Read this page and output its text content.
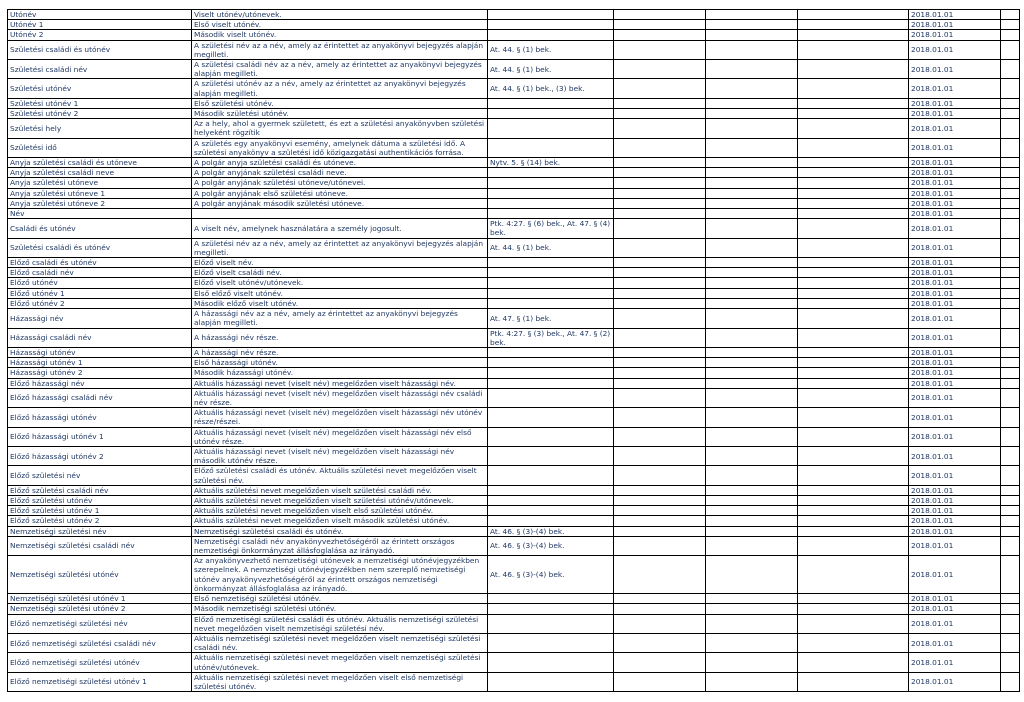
Utónév	Viselt utónév/utónevek.					2018.01.01	
Utónév 1	Első viselt utónév.					2018.01.01	
Utónév 2	Második viselt utónév.					2018.01.01	
Születési családi és utónév	A születési név az a név, amely az érintettet az anyakönyvi bejegyzés alapján megilleti.	At. 44. § (1) bek.				2018.01.01	
Születési családi név	A születési családi név az a név, amely az érintettet az anyakönyvi bejegyzés alapján megilleti.	At. 44. § (1) bek.				2018.01.01	
Születési utónév	A születési utónév az a név, amely az érintettet az anyakönyvi bejegyzés alapján megilleti.	At. 44. § (1) bek., (3) bek.				2018.01.01	
Születési utónév 1	Első születési utónév.					2018.01.01	
Születési utónév 2	Második születési utónév.					2018.01.01	
Születési hely	Az a hely, ahol a gyermek született, és ezt a születési anyakönyvben születési helyeként rögzítik					2018.01.01	
Születési idő	A születés egy anyakönyvi esemény, amelynek dátuma a születési idő. A születési anyakönyv a születési idő közigazgatási authentikációs forrása.					2018.01.01	
Anyja születési családi és utóneve	A polgár anyja születési családi és utóneve.	Nytv. 5. § (14) bek.				2018.01.01	
Anyja születési családi neve	A polgár anyjának születési családi neve.					2018.01.01	
Anyja születési utóneve	A polgár anyjának születési utóneve/utónevei.					2018.01.01	
Anyja születési utóneve 1	A polgár anyjának első születési utóneve.					2018.01.01	
Anyja születési utóneve 2	A polgár anyjának második születési utóneve.					2018.01.01	
Név						2018.01.01	
Családi és utónév	A viselt név, amelynek használatára a személy jogosult.	Ptk. 4:27. § (6) bek., At. 47. § (4) bek.				2018.01.01	
Születési családi és utónév	A születési név az a név, amely az érintettet az anyakönyvi bejegyzés alapján megilleti.	At. 44. § (1) bek.				2018.01.01	
Előző családi és utónév	Előző viselt név.					2018.01.01	
Előző családi név	Előző viselt családi név.					2018.01.01	
Előző utónév	Előző viselt utónév/utónevek.					2018.01.01	
Előző utónév 1	Első előző viselt utónév.					2018.01.01	
Előző utónév 2	Második előző viselt utónév.					2018.01.01	
Házassági név	A házassági név az a név, amely az érintettet az anyakönyvi bejegyzés alapján megilleti.	At. 47. § (1) bek.				2018.01.01	
Házassági családi név	A házassági név része.	Ptk. 4:27. § (3) bek., At. 47. § (2) bek.				2018.01.01	
Házassági utónév	A házassági név része.					2018.01.01	
Házassági utónév 1	Első házassági utónév.					2018.01.01	
Házassági utónév 2	Második házassági utónév.					2018.01.01	
Előző házassági név	Aktuális házassági nevet (viselt név) megelőzően viselt házassági név.					2018.01.01	
Előző házassági családi név	Aktuális házassági nevet (viselt név) megelőzően viselt házassági név családi név része.					2018.01.01	
Előző házassági utónév	Aktuális házassági nevet (viselt név) megelőzően viselt házassági név utónév része/részei.					2018.01.01	
Előző házassági utónév 1	Aktuális házassági nevet (viselt név) megelőzően viselt házassági név első utónév része.					2018.01.01	
Előző házassági utónév 2	Aktuális házassági nevet (viselt név) megelőzően viselt házassági név második utónév része.					2018.01.01	
Előző születési név	Előző születési családi és utónév. Aktuális születési nevet megelőzően viselt születési név.					2018.01.01	
Előző születési családi név	Aktuális születési nevet megelőzően viselt születési családi név.					2018.01.01	
Előző születési utónév	Aktuális születési nevet megelőzően viselt születési utónév/utónevek.					2018.01.01	
Előző születési utónév 1	Aktuális születési nevet megelőzően viselt első születési utónév.					2018.01.01	
Előző születési utónév 2	Aktuális születési nevet megelőzően viselt második születési utónév.					2018.01.01	
Nemzetiségi születési név	Nemzetiségi születési családi és utónév.	At. 46. § (3)-(4) bek.				2018.01.01	
Nemzetiségi születési családi név	Nemzetiségi családi név anyakönyvezhetőségéről az érintett országos nemzetiségi önkormányzat állásfoglalása az irányadó.	At. 46. § (3)-(4) bek.				2018.01.01	
Nemzetiségi születési utónév	Az anyakönyvezhető nemzetiségi utónevek a nemzetiségi utónévjegyzékben szerepelnek. A nemzetiségi utónévjegyzékben nem szereplő nemzetiségi utónév anyakönyvezhetőségéről az érintett országos nemzetiségi önkormányzat állásfoglalása az irányadó.	At. 46. § (3)-(4) bek.				2018.01.01	
Nemzetiségi születési utónév 1	Első nemzetiségi születési utónév.					2018.01.01	
Nemzetiségi születési utónév 2	Második nemzetiségi születési utónév.					2018.01.01	
Előző nemzetiségi születési név	Előző nemzetiségi születési családi és utónév. Aktuális nemzetiségi születési nevet megelőzően viselt nemzetiségi születési név.					2018.01.01	
Előző nemzetiségi születési családi név	Aktuális nemzetiségi születési nevet megelőzően viselt nemzetiségi születési családi név.					2018.01.01	
Előző nemzetiségi születési utónév	Aktuális nemzetiségi születési nevet megelőzően viselt nemzetiségi születési utónév/utónevek.					2018.01.01	
Előző nemzetiségi születési utónév 1	Aktuális nemzetiségi születési nevet megelőzően viselt első nemzetiségi születési utónév.					2018.01.01	
